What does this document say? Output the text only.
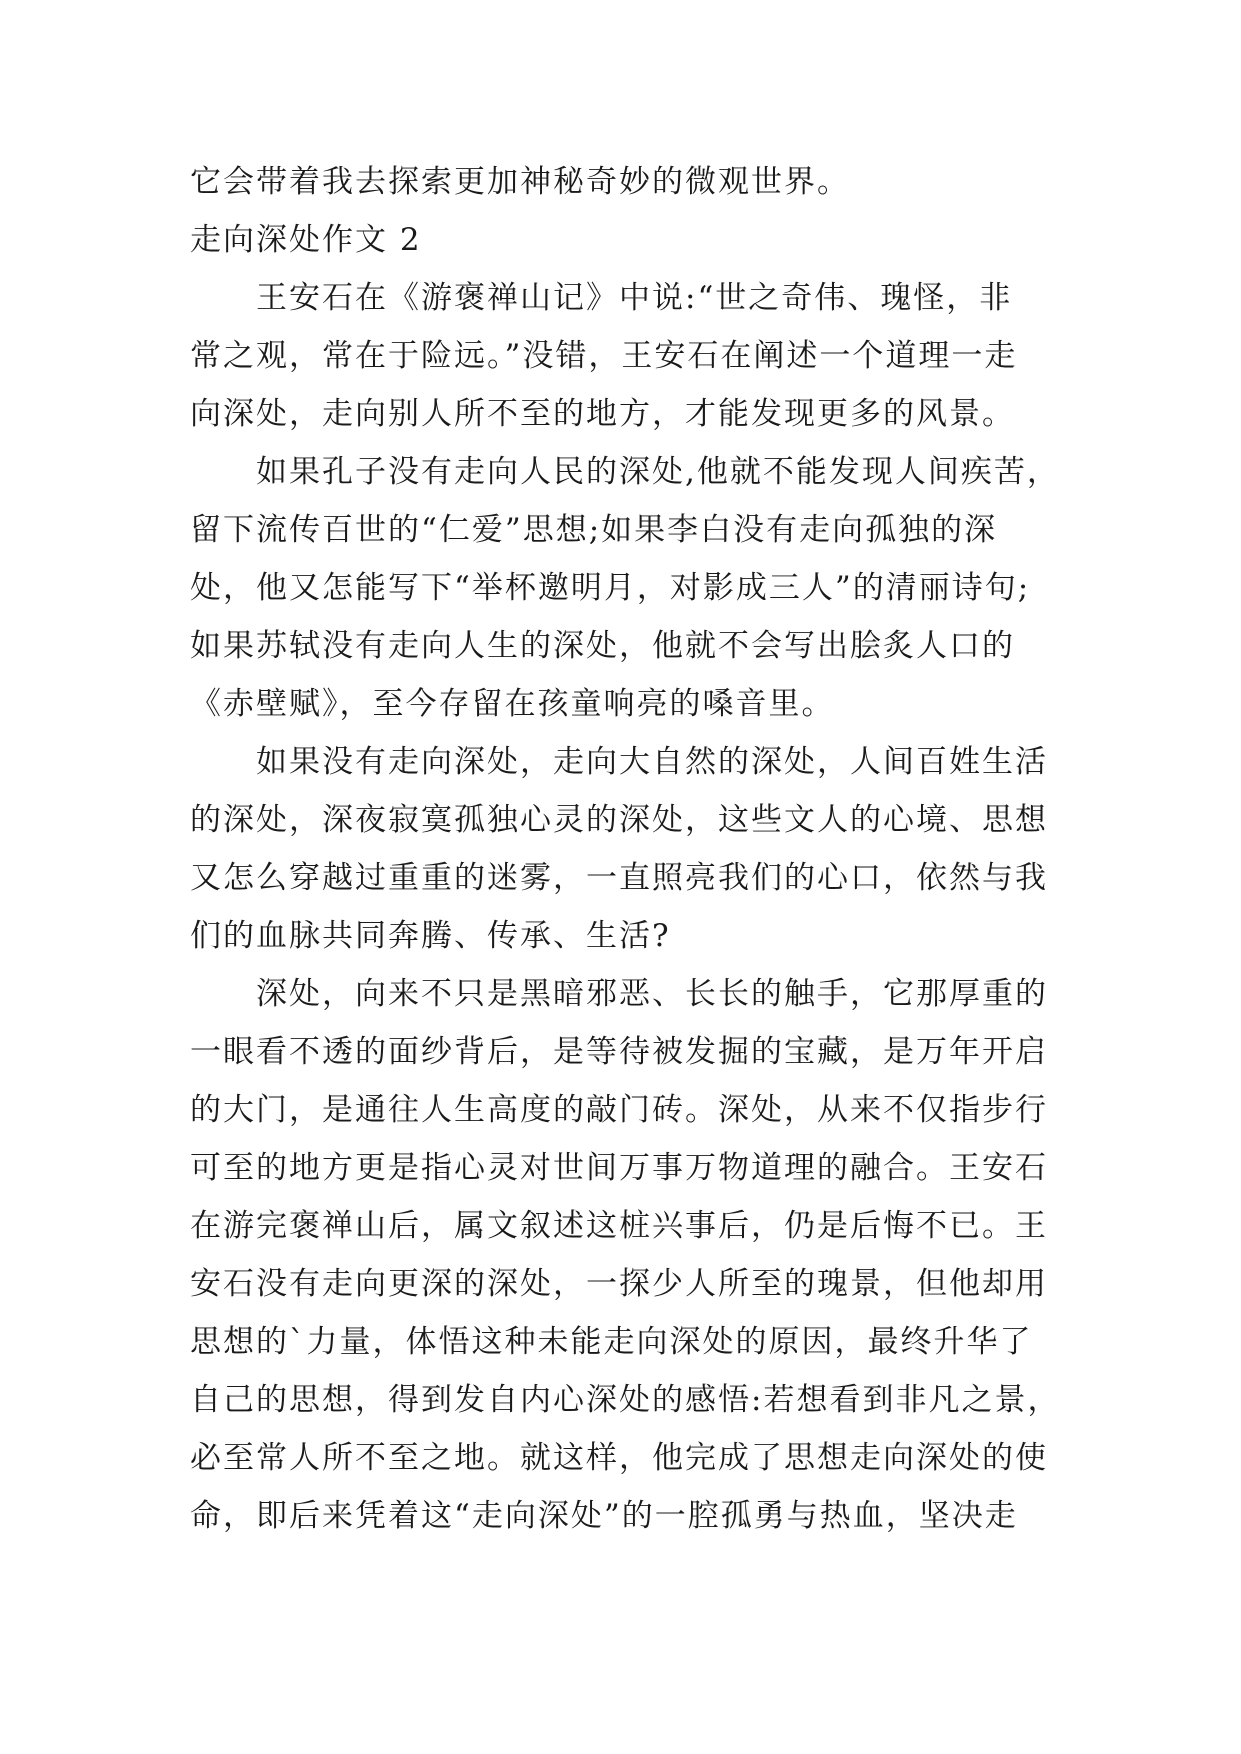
它会带着我去探索更加神秘奇妙的微观世界。
走向深处作文 2
王安石在《游褒禅山记》中说:“世之奇伟、瑰怪，非
常之观，常在于险远。”没错，王安石在阐述一个道理一走
向深处，走向别人所不至的地方，才能发现更多的风景。
如果孔子没有走向人民的深处,他就不能发现人间疾苦，
留下流传百世的“仁爱”思想;如果李白没有走向孤独的深
处，他又怎能写下“举杯邀明月，对影成三人”的清丽诗句;
如果苏轼没有走向人生的深处，他就不会写出脍炙人口的
《赤壁赋》，至今存留在孩童响亮的嗓音里。
如果没有走向深处，走向大自然的深处，人间百姓生活
的深处，深夜寂寞孤独心灵的深处，这些文人的心境、思想
又怎么穿越过重重的迷雾，一直照亮我们的心口，依然与我
们的血脉共同奔腾、传承、生活?
深处，向来不只是黑暗邪恶、长长的触手，它那厚重的
一眼看不透的面纱背后，是等待被发掘的宝藏，是万年开启
的大门，是通往人生高度的敲门砖。深处，从来不仅指步行
可至的地方更是指心灵对世间万事万物道理的融合。王安石
在游完褒禅山后，属文叙述这桩兴事后，仍是后悔不已。王
安石没有走向更深的深处，一探少人所至的瑰景，但他却用
思想的`力量，体悟这种未能走向深处的原因，最终升华了
自己的思想，得到发自内心深处的感悟:若想看到非凡之景，
必至常人所不至之地。就这样，他完成了思想走向深处的使
命，即后来凭着这“走向深处”的一腔孤勇与热血，坚决走
